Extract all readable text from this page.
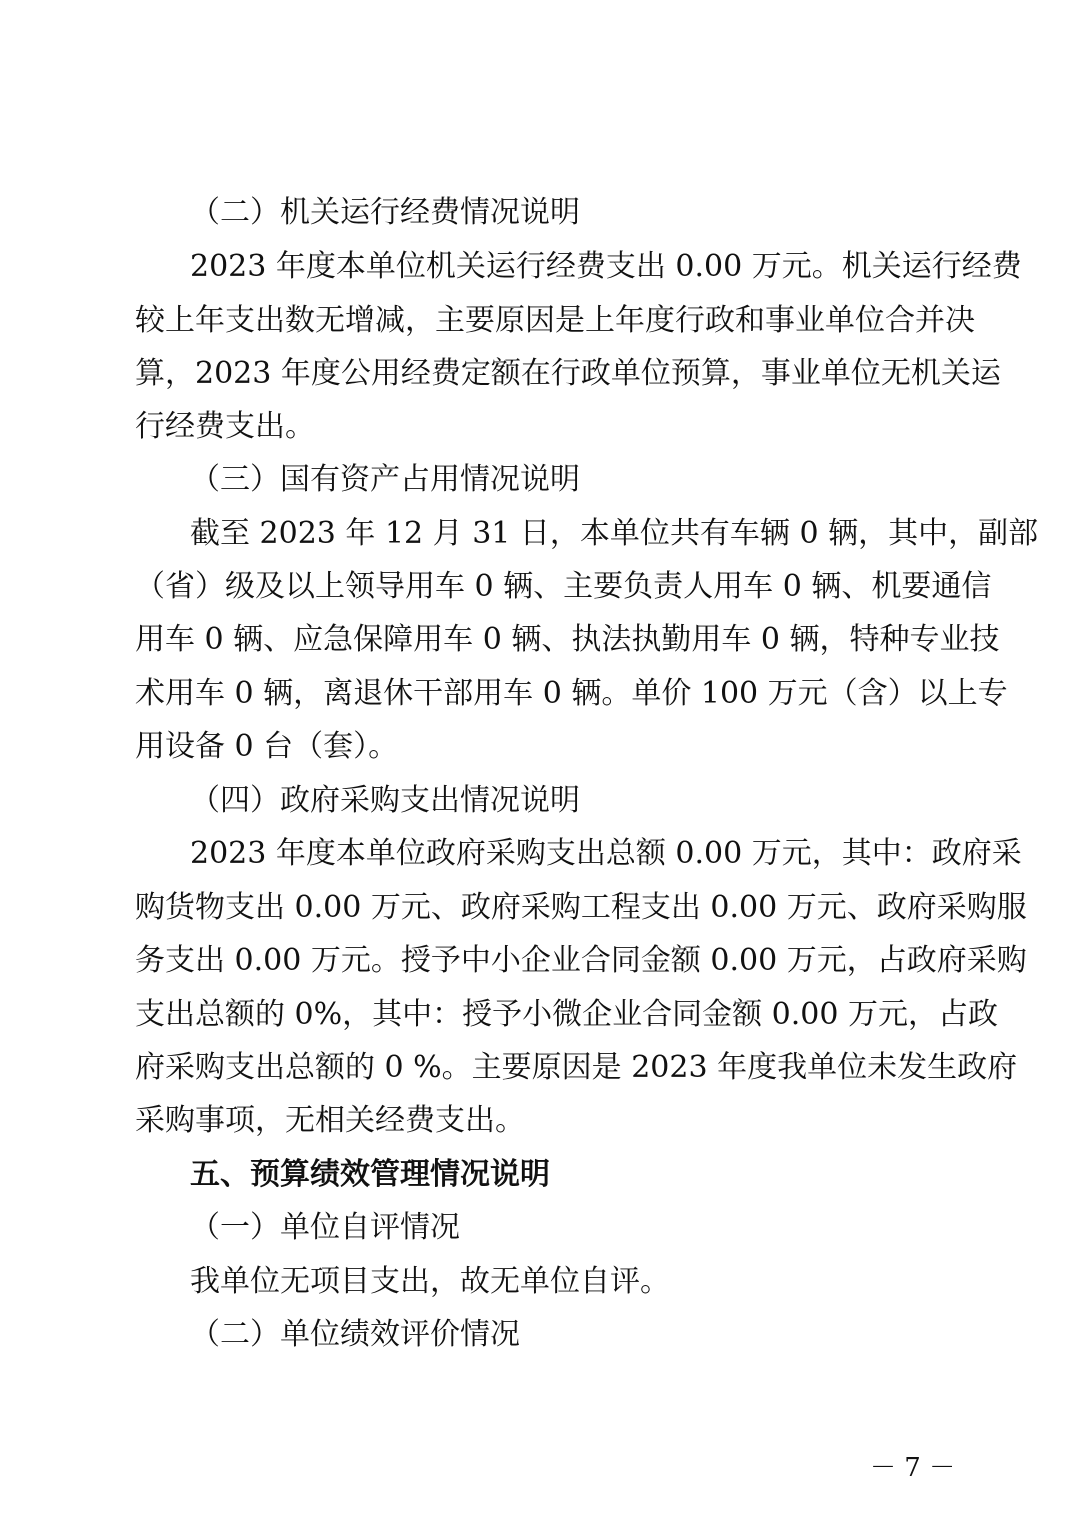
（二）机关运行经费情况说明
2023 年度本单位机关运行经费支出 0.00 万元。机关运行经费
较上年支出数无增减，主要原因是上年度行政和事业单位合并决
算，2023 年度公用经费定额在行政单位预算，事业单位无机关运
行经费支出。
（三）国有资产占用情况说明
截至 2023 年 12 月 31 日，本单位共有车辆 0 辆，其中，副部
（省）级及以上领导用车 0 辆、主要负责人用车 0 辆、机要通信
用车 0 辆、应急保障用车 0 辆、执法执勤用车 0 辆，特种专业技
术用车 0 辆，离退休干部用车 0 辆。单价 100 万元（含）以上专
用设备 0 台（套）。
（四）政府采购支出情况说明
2023 年度本单位政府采购支出总额 0.00 万元，其中：政府采
购货物支出 0.00 万元、政府采购工程支出 0.00 万元、政府采购服
务支出 0.00 万元。授予中小企业合同金额 0.00 万元，占政府采购
支出总额的 0%，其中：授予小微企业合同金额 0.00 万元，占政
府采购支出总额的 0 %。主要原因是 2023 年度我单位未发生政府
采购事项，无相关经费支出。
五、预算绩效管理情况说明
（一）单位自评情况
我单位无项目支出，故无单位自评。
（二）单位绩效评价情况
－ 7 －
